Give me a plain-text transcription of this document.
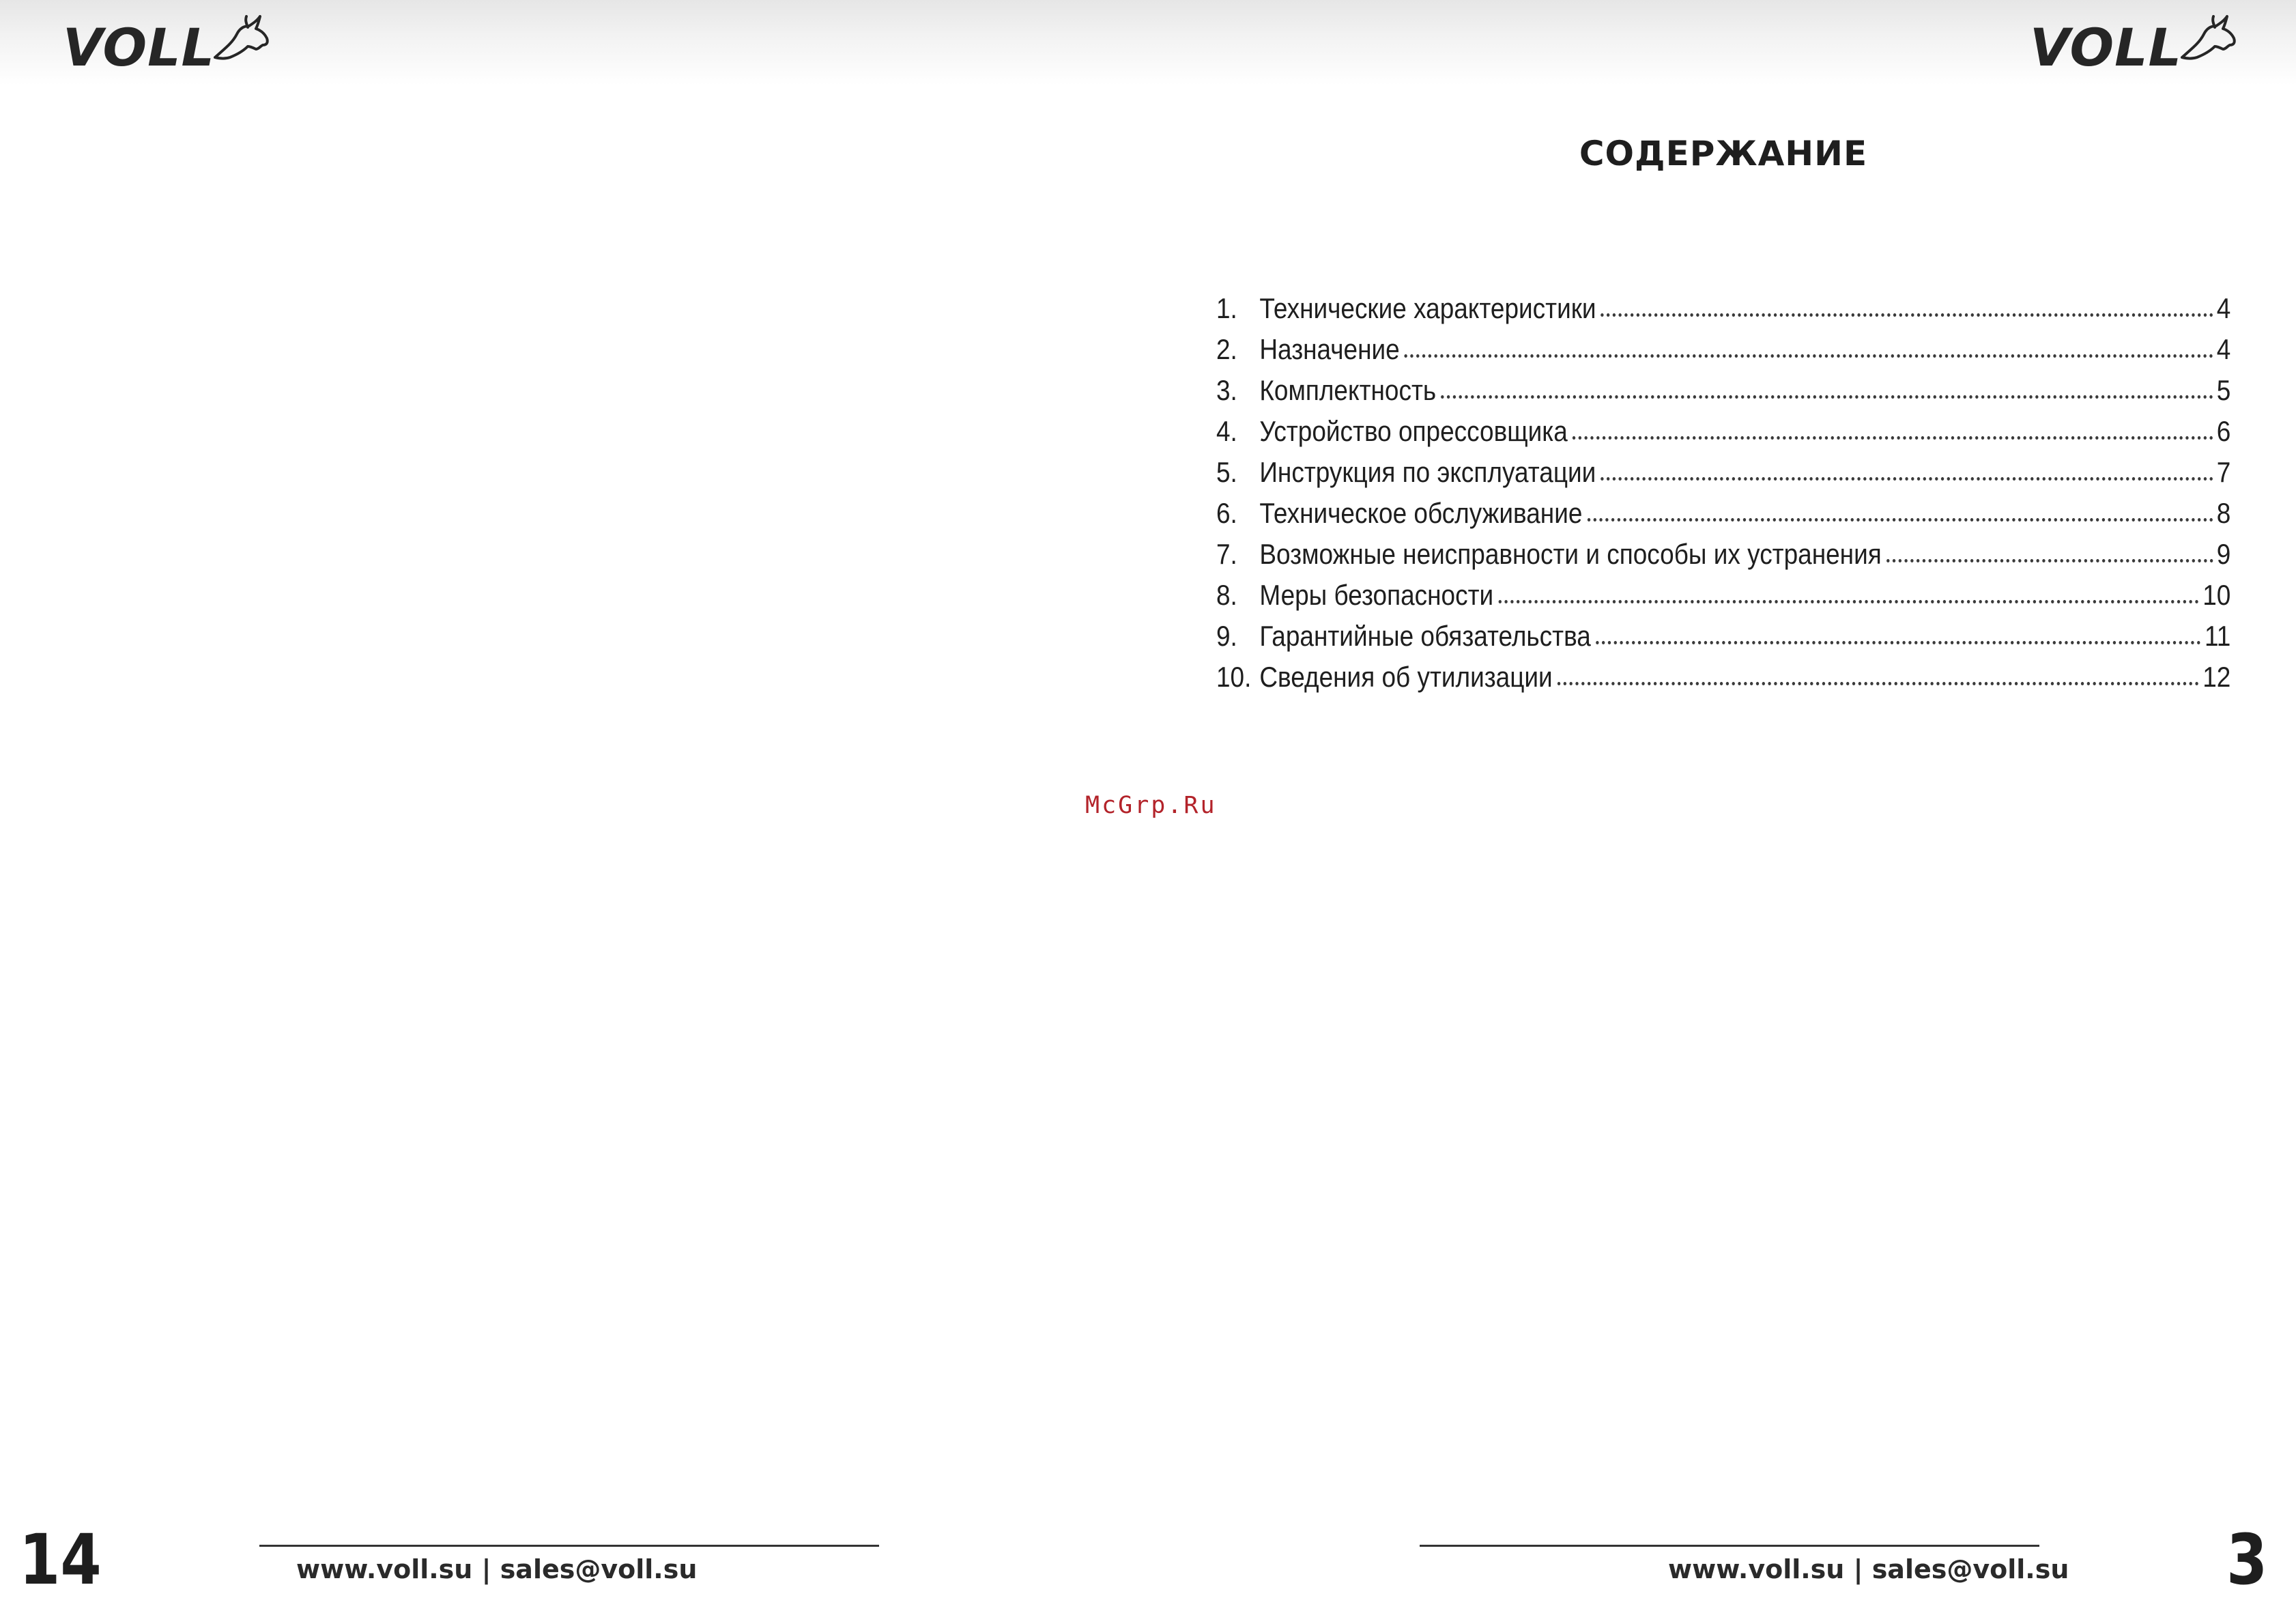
VOLL	VOLL
СОДЕРЖАНИЕ
1. Технические характеристики	4
2. Назначение	4
3. Комплектность	5
4. Устройство опрессовщика	6
5. Инструкция по эксплуатации	7
6. Техническое обслуживание	8
7. Возможные неисправности и способы их устранения	9
8. Меры безопасности	10
9. Гарантийные обязательства	11
10. Сведения об утилизации	12
McGrp.Ru
www.voll.su | sales@voll.su	www.voll.su | sales@voll.su
14	3
